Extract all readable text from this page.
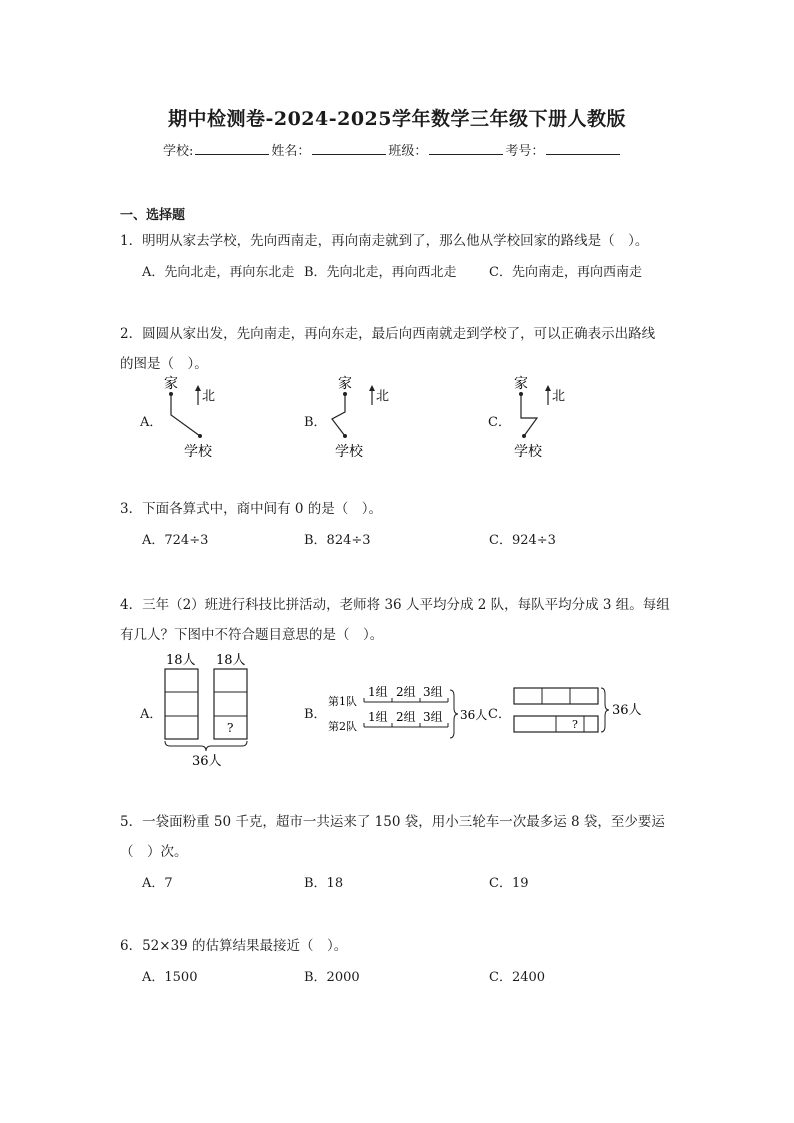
期中检测卷-2024-2025学年数学三年级下册人教版
学校:	姓名：	班级：	考号：
一、选择题
1．明明从家去学校，先向西南走，再向南走就到了，那么他从学校回家的路线是（　）。
A．先向北走，再向东北走 B．先向北走，再向西北走 C．先向南走，再向西南走
2．圆圆从家出发，先向南走，再向东走，最后向西南就走到学校了，可以正确表示出路线
的图是（　）。
A．
家
学校
北
B．
家
学校
北
C．
家
学校
北
3．下面各算式中，商中间有 0 的是（　）。
A．724÷3	B．824÷3	C．924÷3
4．三年（2）班进行科技比拼活动，老师将 36 人平均分成 2 队，每队平均分成 3 组。每组
有几人？下图中不符合题目意思的是（　）。
A．
18人 18人
?
36人
B．
第1队
第2队
1组 2组 3组
1组 2组 3组 36人 C．
?
36人
5．一袋面粉重 50 千克，超市一共运来了 150 袋，用小三轮车一次最多运 8 袋，至少要运
（　）次。
A．7	B．18	C．19
6．52×39 的估算结果最接近（　）。
A．1500	B．2000	C．2400
